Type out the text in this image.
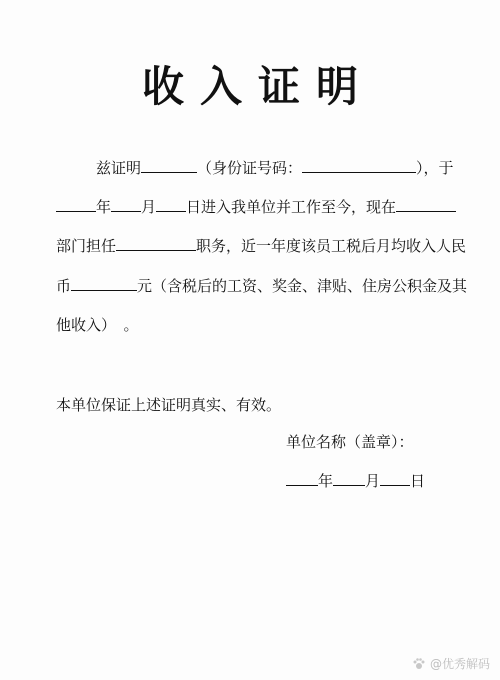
收入证明
兹证明	（身份证号码：	），于
年 月 日进入我单位并工作至今，现在
部门担任	职务，近一年度该员工税后月均收入人民
币	元（含税后的工资、奖金、津贴、住房公积金及其
他收入）　。
本单位保证上述证明真实、有效。
单位名称（盖章）：
年 月 日
@优秀解码
